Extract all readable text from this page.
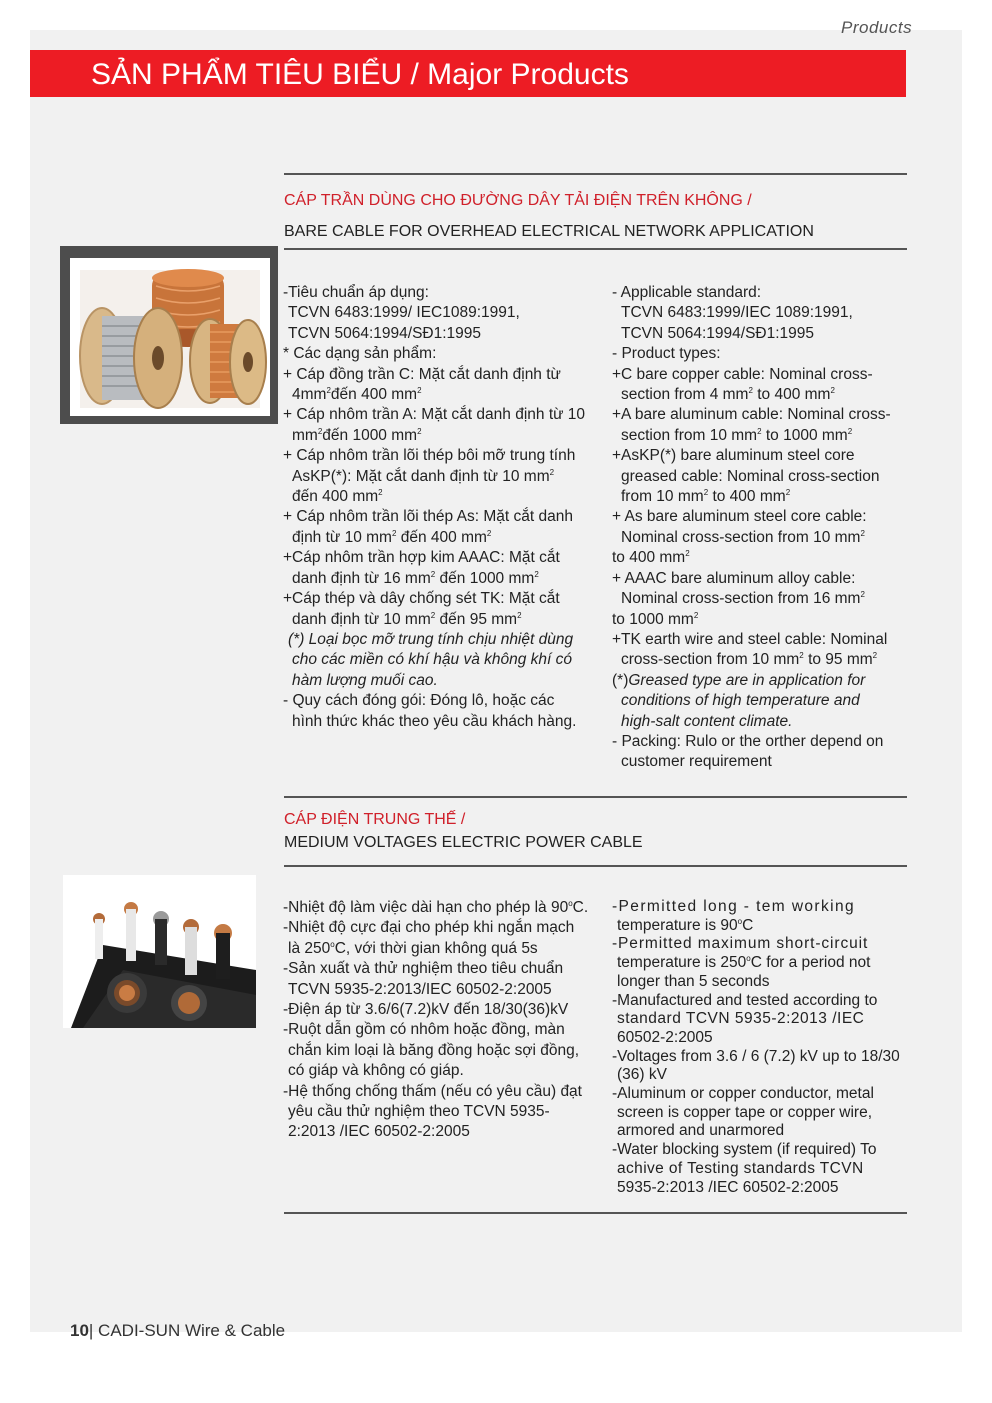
Products
SẢN PHẨM TIÊU BIỂU / Major Products
CÁP TRẦN DÙNG CHO ĐƯỜNG DÂY TẢI ĐIỆN TRÊN KHÔNG /
BARE CABLE FOR OVERHEAD ELECTRICAL NETWORK APPLICATION

-Tiêu chuẩn áp dụng:

TCVN 6483:1999/ IEC1089:1991,

TCVN 5064:1994/SĐ1:1995

* Các dạng sản phẩm:

+ Cáp đồng trần C: Mặt cắt danh định từ

$4mm^2đến$ 400 $mm^2$

+ Cáp nhôm trần A: Mặt cắt danh định từ 10

$mm^2đến$ 1000 $mm^2$

+ Cáp nhôm trần lõi thép bôi mỡ trung tính

AsKP(*): Mặt cắt danh định từ 10 $mm^2$

đến 400 $mm^2$

+ Cáp nhôm trần lõi thép As: Mặt cắt danh

định từ 10 $mm^2$ đến 400 $mm^2$

+Cáp nhôm trần hợp kim AAAC: Mặt cắt

danh định từ 16 $mm^2$ đến 1000 $mm^2$

+Cáp thép và dây chống sét TK: Mặt cắt

danh định từ 10 $mm^2$ đến 95 $mm^2$

(*) Loại bọc mỡ trung tính chịu nhiệt dùng

cho các miền có khí hậu và không khí có

hàm lượng muối cao.

- Quy cách đóng gói: Đóng lô, hoặc các

hình thức khác theo yêu cầu khách hàng.

- Applicable standard:

TCVN 6483:1999/IEC 1089:1991,

TCVN 5064:1994/SĐ1:1995

- Product types:

+C bare copper cable: Nominal cross-

section from 4 $mm^2$ to 400 $mm^2$

+A bare aluminum cable: Nominal cross-

section from 10 $mm^2$ to 1000 $mm^2$

+AsKP(*) bare aluminum steel core

greased cable: Nominal cross-section

from 10 $mm^2$ to 400 $mm^2$

+ As bare aluminum steel core cable:

Nominal cross-section from 10 $mm^2$

to 400 $mm^2$

+ AAAC bare aluminum alloy cable:

Nominal cross-section from 16 $mm^2$

to 1000 $mm^2$

+TK earth wire and steel cable: Nominal

cross-section from 10 $mm^2$ to 95 $mm^2$

(*)Greased type are in application for

conditions of high temperature and

high-salt content climate.

- Packing: Rulo or the orther depend on

customer requirement

CÁP ĐIỆN TRUNG THẾ /
MEDIUM VOLTAGES ELECTRIC POWER CABLE

-Nhiệt độ làm việc dài hạn cho phép là 90$^o$C.

-Nhiệt độ cực đại cho phép khi ngắn mạch

là 250$^o$C, với thời gian không quá 5s

-Sản xuất và thử nghiệm theo tiêu chuẩn

TCVN 5935-2:2013/IEC 60502-2:2005

-Điện áp từ 3.6/6(7.2)kV đến 18/30(36)kV

-Ruột dẫn gồm có nhôm hoặc đồng, màn

chắn kim loại là băng đồng hoặc sợi đồng,

có giáp và không có giáp.

-Hệ thống chống thấm (nếu có yêu cầu) đạt

yêu cầu thử nghiệm theo TCVN 5935-

2:2013 /IEC 60502-2:2005

-Permitted long - tem working

temperature is 90$^o$C

-Permitted maximum short-circuit

temperature is 250$^o$C for a period not

longer than 5 seconds

-Manufactured and tested according to

standard TCVN 5935-2:2013 /IEC

60502-2:2005

-Voltages from 3.6 / 6 (7.2) kV up to 18/30

(36) kV

-Aluminum or copper conductor, metal

screen is copper tape or copper wire,

armored and unarmored

-Water blocking system (if required) To

achive of Testing standards TCVN

5935-2:2013 /IEC 60502-2:2005

10| CADI-SUN Wire & Cable
